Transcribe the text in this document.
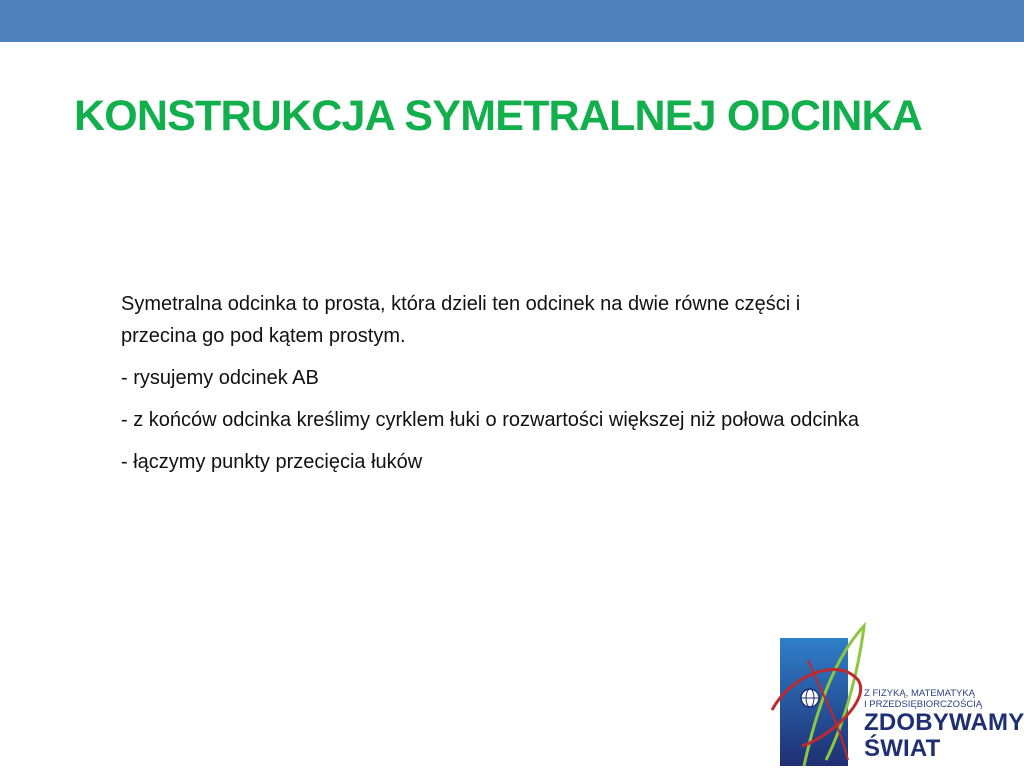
KONSTRUKCJA SYMETRALNEJ ODCINKA

Symetralna odcinka to prosta, która dzieli ten odcinek na dwie równe części i przecina go pod kątem prostym.

- rysujemy odcinek AB

- z końców odcinka kreślimy cyrklem łuki o rozwartości większej niż połowa odcinka

- łączymy punkty przecięcia łuków

Z FIZYKĄ, MATEMATYKĄ
I PRZEDSIĘBIORCZOŚCIĄ
ZDOBYWAMY
ŚWIAT
